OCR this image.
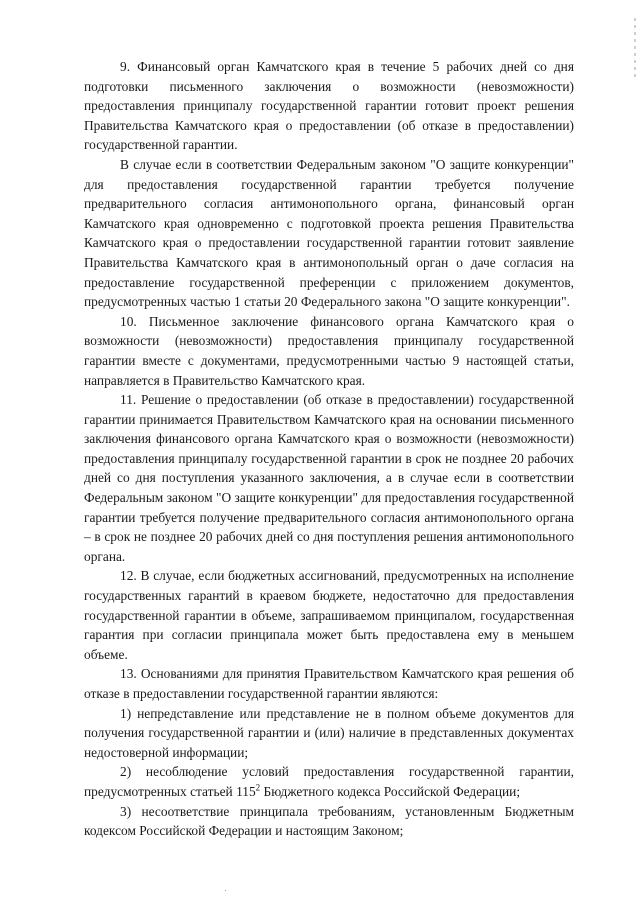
9. Финансовый орган Камчатского края в течение 5 рабочих дней со дня подготовки письменного заключения о возможности (невозможности) предоставления принципалу государственной гарантии готовит проект решения Правительства Камчатского края о предоставлении (об отказе в предоставлении) государственной гарантии.

В случае если в соответствии Федеральным законом "О защите конкуренции" для предоставления государственной гарантии требуется получение предварительного согласия антимонопольного органа, финансовый орган Камчатского края одновременно с подготовкой проекта решения Правительства Камчатского края о предоставлении государственной гарантии готовит заявление Правительства Камчатского края в антимонопольный орган о даче согласия на предоставление государственной преференции с приложением документов, предусмотренных частью 1 статьи 20 Федерального закона "О защите конкуренции".

10. Письменное заключение финансового органа Камчатского края о возможности (невозможности) предоставления принципалу государственной гарантии вместе с документами, предусмотренными частью 9 настоящей статьи, направляется в Правительство Камчатского края.

11. Решение о предоставлении (об отказе в предоставлении) государственной гарантии принимается Правительством Камчатского края на основании письменного заключения финансового органа Камчатского края о возможности (невозможности) предоставления принципалу государственной гарантии в срок не позднее 20 рабочих дней со дня поступления указанного заключения, а в случае если в соответствии Федеральным законом "О защите конкуренции" для предоставления государственной гарантии требуется получение предварительного согласия антимонопольного органа – в срок не позднее 20 рабочих дней со дня поступления решения антимонопольного органа.

12. В случае, если бюджетных ассигнований, предусмотренных на исполнение государственных гарантий в краевом бюджете, недостаточно для предоставления государственной гарантии в объеме, запрашиваемом принципалом, государственная гарантия при согласии принципала может быть предоставлена ему в меньшем объеме.

13. Основаниями для принятия Правительством Камчатского края решения об отказе в предоставлении государственной гарантии являются:

1) непредставление или представление не в полном объеме документов для получения государственной гарантии и (или) наличие в представленных документах недостоверной информации;

2) несоблюдение условий предоставления государственной гарантии, предусмотренных статьей $115^2$ Бюджетного кодекса Российской Федерации;

3) несоответствие принципала требованиям, установленным Бюджетным кодексом Российской Федерации и настоящим Законом;
